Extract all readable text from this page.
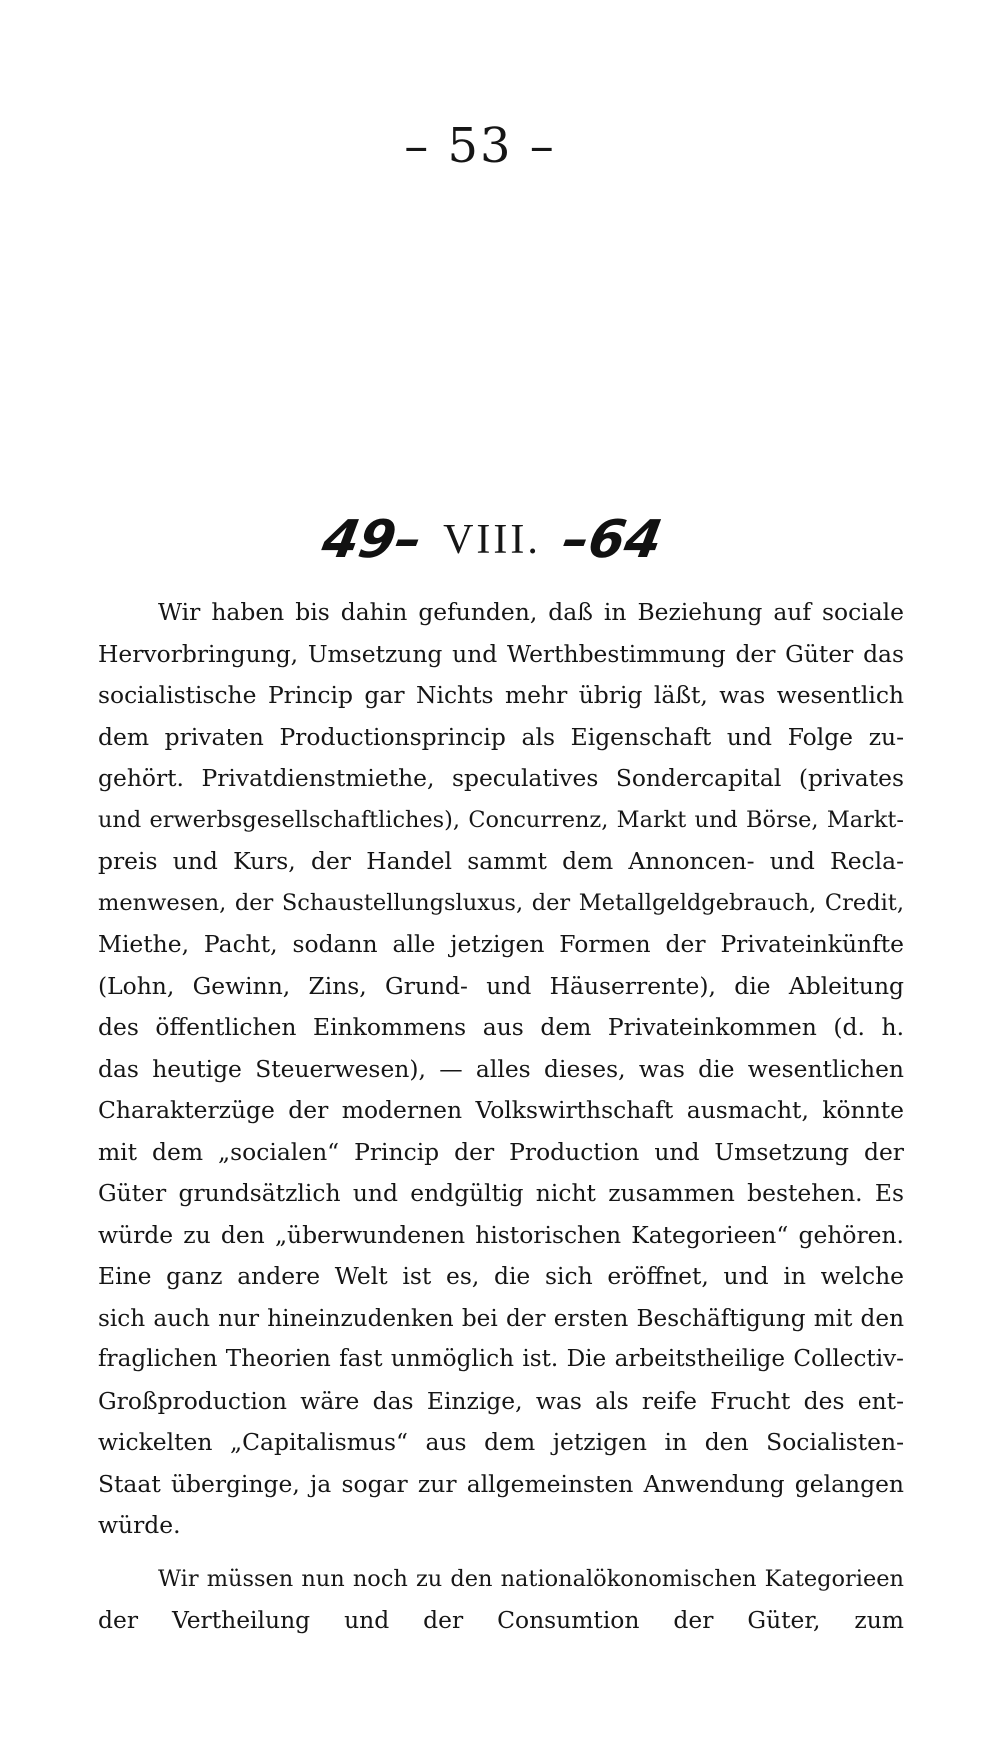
– 53 –
49– VIII. –64
Wir haben bis dahin gefunden, daß in Beziehung auf sociale
Hervorbringung, Umsetzung und Werthbestimmung der Güter das
socialistische Princip gar Nichts mehr übrig läßt, was wesentlich
dem privaten Productionsprincip als Eigenschaft und Folge zu-
gehört. Privatdienstmiethe, speculatives Sondercapital (privates
und erwerbsgesellschaftliches), Concurrenz, Markt und Börse, Markt-
preis und Kurs, der Handel sammt dem Annoncen- und Recla-
menwesen, der Schaustellungsluxus, der Metallgeldgebrauch, Credit,
Miethe, Pacht, sodann alle jetzigen Formen der Privateinkünfte
(Lohn, Gewinn, Zins, Grund- und Häuserrente), die Ableitung
des öffentlichen Einkommens aus dem Privateinkommen (d. h.
das heutige Steuerwesen), — alles dieses, was die wesentlichen
Charakterzüge der modernen Volkswirthschaft ausmacht, könnte
mit dem „socialen“ Princip der Production und Umsetzung der
Güter grundsätzlich und endgültig nicht zusammen bestehen. Es
würde zu den „überwundenen historischen Kategorieen“ gehören.
Eine ganz andere Welt ist es, die sich eröffnet, und in welche
sich auch nur hineinzudenken bei der ersten Beschäftigung mit den
fraglichen Theorien fast unmöglich ist. Die arbeitstheilige Collectiv-
Großproduction wäre das Einzige, was als reife Frucht des ent-
wickelten „Capitalismus“ aus dem jetzigen in den Socialisten-
Staat überginge, ja sogar zur allgemeinsten Anwendung gelangen
würde.
Wir müssen nun noch zu den nationalökonomischen Kategorieen
der Vertheilung und der Consumtion der Güter, zum
